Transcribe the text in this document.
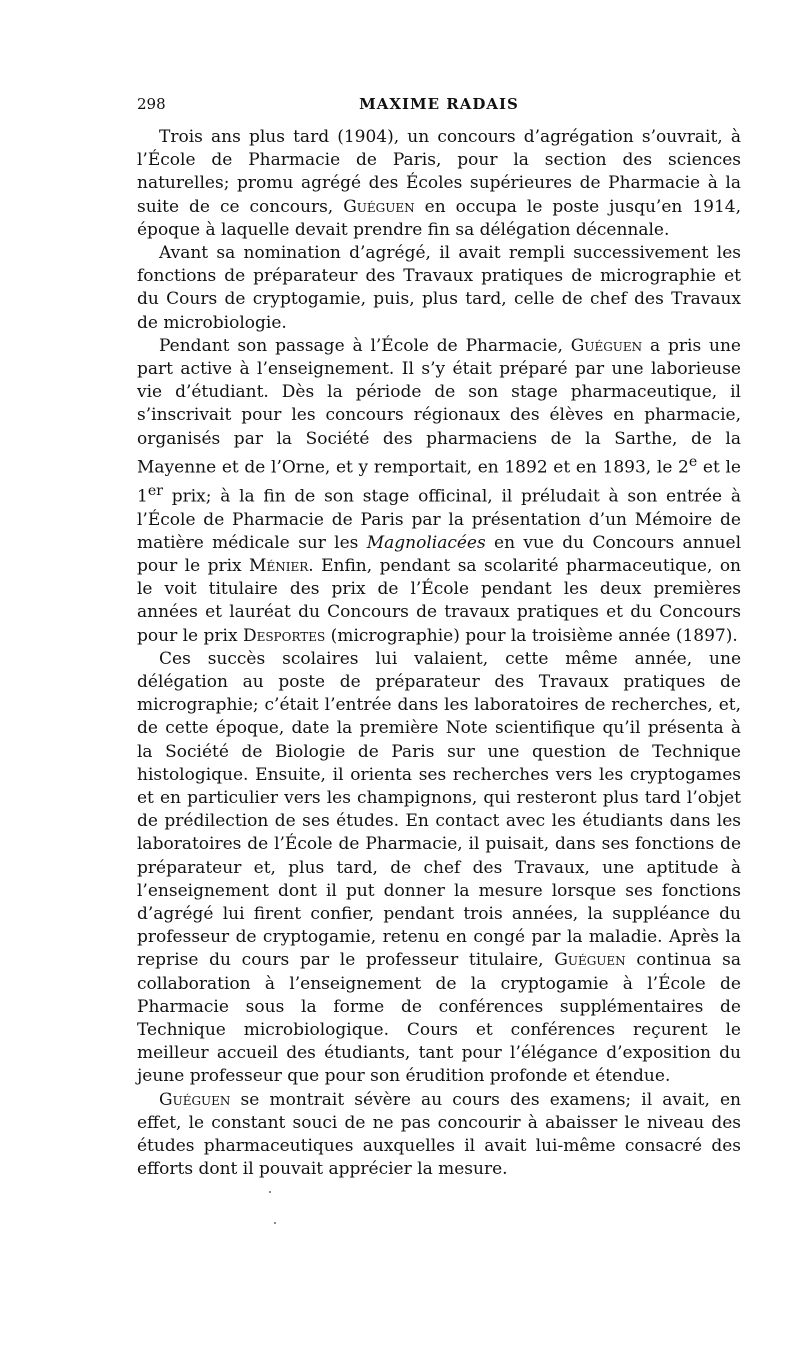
298	MAXIME RADAIS

Trois ans plus tard (1904), un concours d’agrégation s’ouvrait, à l’École de Pharmacie de Paris, pour la section des sciences naturelles; promu agrégé des Écoles supérieures de Pharmacie à la suite de ce concours, Guéguen en occupa le poste jusqu’en 1914, époque à laquelle devait prendre fin sa délégation décennale.

Avant sa nomination d’agrégé, il avait rempli successivement les fonctions de préparateur des Travaux pratiques de micrographie et du Cours de cryptogamie, puis, plus tard, celle de chef des Travaux de microbiologie.

Pendant son passage à l’École de Pharmacie, Guéguen a pris une part active à l’enseignement. Il s’y était préparé par une laborieuse vie d’étudiant. Dès la période de son stage pharmaceutique, il s’inscrivait pour les concours régionaux des élèves en pharmacie, organisés par la Société des pharmaciens de la Sarthe, de la Mayenne et de l’Orne, et y remportait, en 1892 et en 1893, le 2e et le 1er prix; à la fin de son stage officinal, il préludait à son entrée à l’École de Pharmacie de Paris par la présentation d’un Mémoire de matière médicale sur les Magnoliacées en vue du Concours annuel pour le prix Ménier. Enfin, pendant sa scolarité pharmaceutique, on le voit titulaire des prix de l’École pendant les deux premières années et lauréat du Concours de travaux pratiques et du Concours pour le prix Desportes (micrographie) pour la troisième année (1897).

Ces succès scolaires lui valaient, cette même année, une délégation au poste de préparateur des Travaux pratiques de micrographie; c’était l’entrée dans les laboratoires de recherches, et, de cette époque, date la première Note scientifique qu’il présenta à la Société de Biologie de Paris sur une question de Technique histologique. Ensuite, il orienta ses recherches vers les cryptogames et en particulier vers les champignons, qui resteront plus tard l’objet de prédilection de ses études. En contact avec les étudiants dans les laboratoires de l’École de Pharmacie, il puisait, dans ses fonctions de préparateur et, plus tard, de chef des Travaux, une aptitude à l’enseignement dont il put donner la mesure lorsque ses fonctions d’agrégé lui firent confier, pendant trois années, la suppléance du professeur de cryptogamie, retenu en congé par la maladie. Après la reprise du cours par le professeur titulaire, Guéguen continua sa collaboration à l’enseignement de la cryptogamie à l’École de Pharmacie sous la forme de conférences supplémentaires de Technique microbiologique. Cours et conférences reçurent le meilleur accueil des étudiants, tant pour l’élégance d’exposition du jeune professeur que pour son érudition profonde et étendue.

Guéguen se montrait sévère au cours des examens; il avait, en effet, le constant souci de ne pas concourir à abaisser le niveau des études pharmaceutiques auxquelles il avait lui-même consacré des efforts dont il pouvait apprécier la mesure.
